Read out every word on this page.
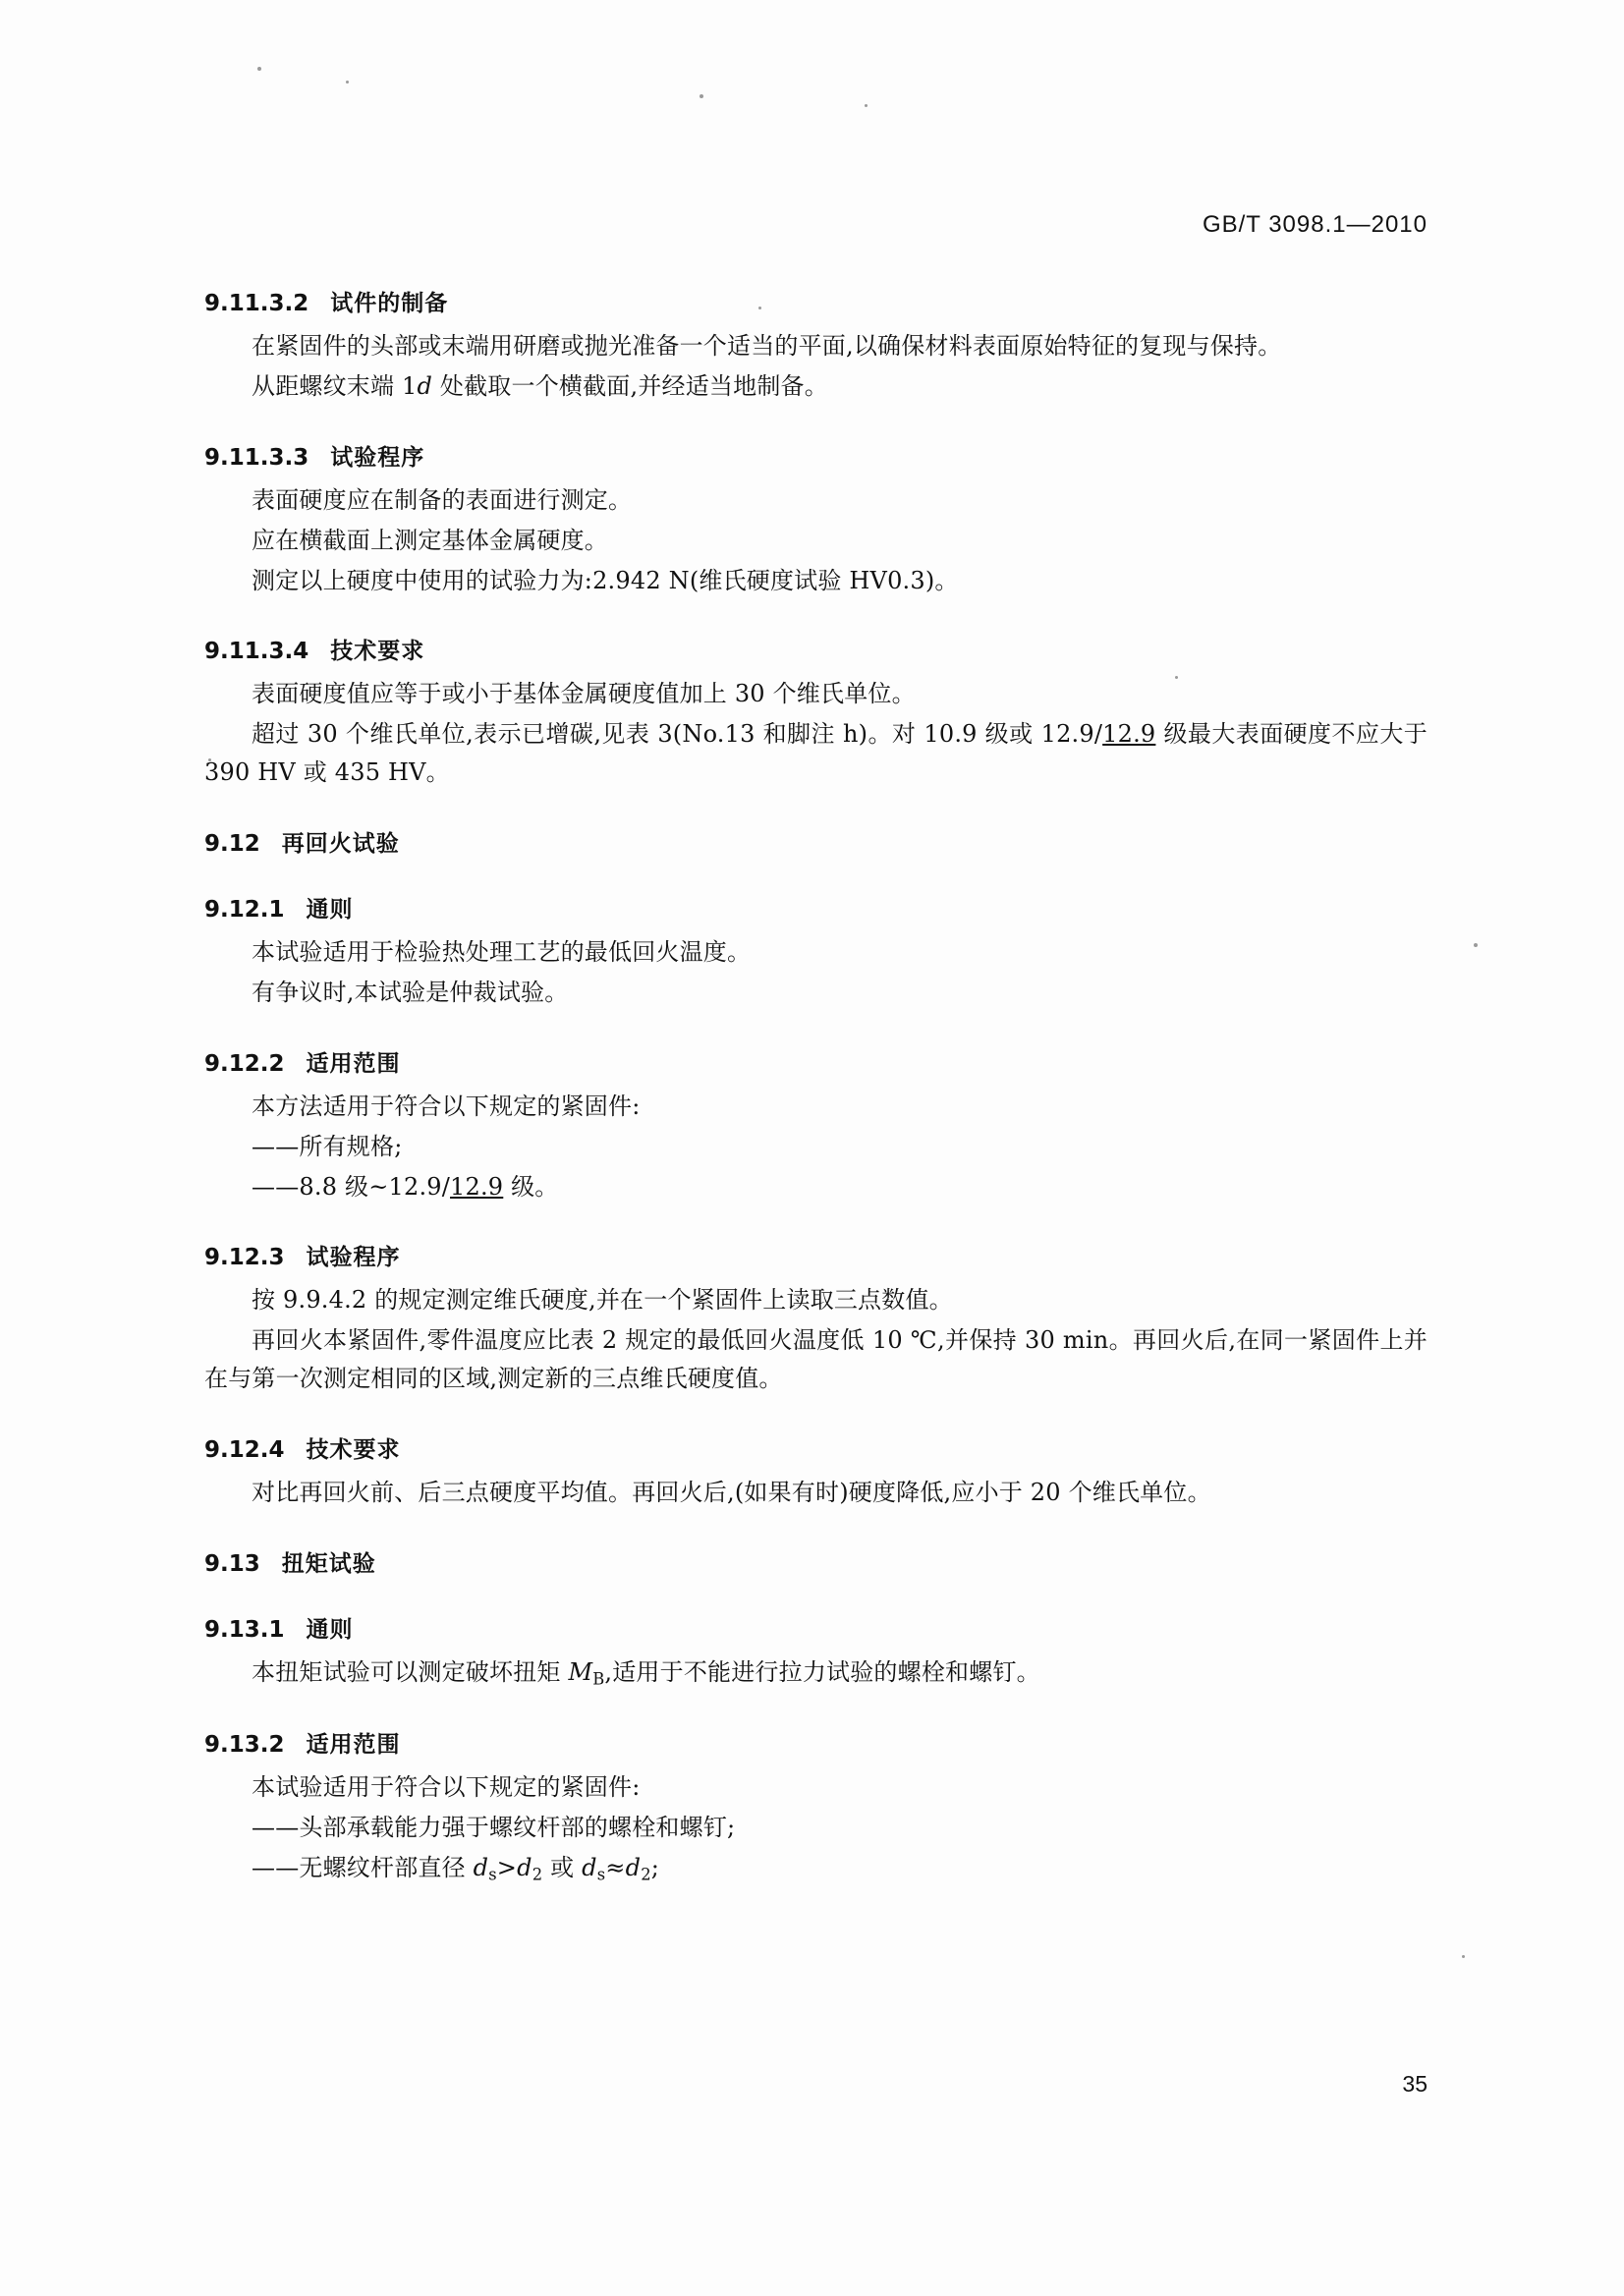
GB/T 3098.1—2010
9.11.3.2 试件的制备

在紧固件的头部或末端用研磨或抛光准备一个适当的平面,以确保材料表面原始特征的复现与保持。

从距螺纹末端 1d 处截取一个横截面,并经适当地制备。

9.11.3.3 试验程序

表面硬度应在制备的表面进行测定。

应在横截面上测定基体金属硬度。

测定以上硬度中使用的试验力为:2.942 N(维氏硬度试验 HV0.3)。

9.11.3.4 技术要求

表面硬度值应等于或小于基体金属硬度值加上 30 个维氏单位。

超过 30 个维氏单位,表示已增碳,见表 3(No.13 和脚注 h)。对 10.9 级或 12.9/12.9 级最大表面硬度不应大于 390 HV 或 435 HV。

9.12 再回火试验
9.12.1 通则

本试验适用于检验热处理工艺的最低回火温度。

有争议时,本试验是仲裁试验。

9.12.2 适用范围

本方法适用于符合以下规定的紧固件:

——所有规格;

——8.8 级~12.9/12.9 级。

9.12.3 试验程序

按 9.9.4.2 的规定测定维氏硬度,并在一个紧固件上读取三点数值。

再回火本紧固件,零件温度应比表 2 规定的最低回火温度低 10 ℃,并保持 30 min。再回火后,在同一紧固件上并在与第一次测定相同的区域,测定新的三点维氏硬度值。

9.12.4 技术要求

对比再回火前、后三点硬度平均值。再回火后,(如果有时)硬度降低,应小于 20 个维氏单位。

9.13 扭矩试验
9.13.1 通则

本扭矩试验可以测定破坏扭矩 $M_B$,适用于不能进行拉力试验的螺栓和螺钉。

9.13.2 适用范围

本试验适用于符合以下规定的紧固件:

——头部承载能力强于螺纹杆部的螺栓和螺钉;

——无螺纹杆部直径 $d_s>d_2$ 或 $d_s\approx d_2$;

35
